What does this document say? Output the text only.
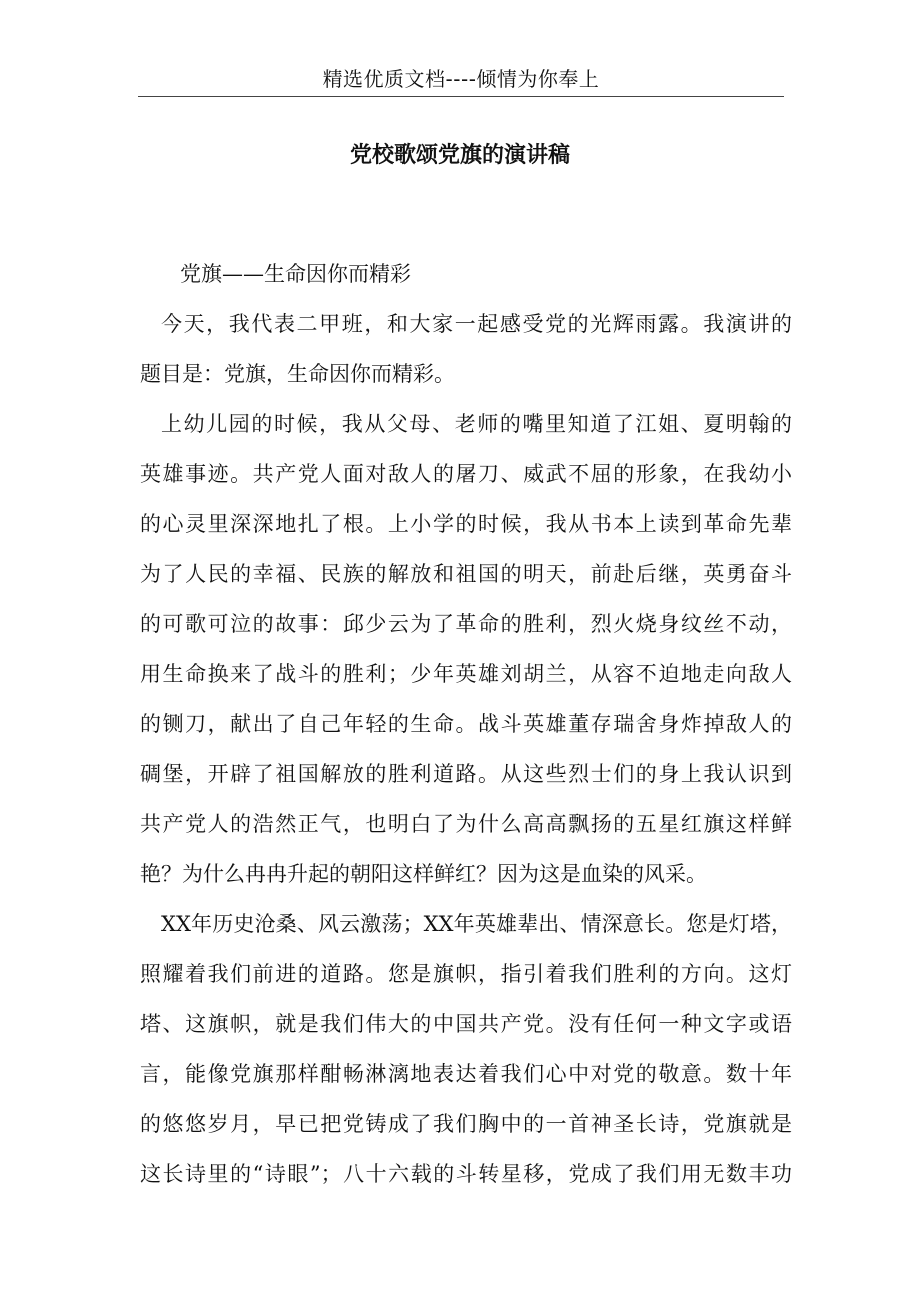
精选优质文档----倾情为你奉上
党校歌颂党旗的演讲稿
党旗——生命因你而精彩
今天，我代表二甲班，和大家一起感受党的光辉雨露。我演讲的
题目是：党旗，生命因你而精彩。
上幼儿园的时候，我从父母、老师的嘴里知道了江姐、夏明翰的
英雄事迹。共产党人面对敌人的屠刀、威武不屈的形象，在我幼小
的心灵里深深地扎了根。上小学的时候，我从书本上读到革命先辈
为了人民的幸福、民族的解放和祖国的明天，前赴后继，英勇奋斗
的可歌可泣的故事：邱少云为了革命的胜利，烈火烧身纹丝不动，
用生命换来了战斗的胜利；少年英雄刘胡兰，从容不迫地走向敌人
的铡刀，献出了自己年轻的生命。战斗英雄董存瑞舍身炸掉敌人的
碉堡，开辟了祖国解放的胜利道路。从这些烈士们的身上我认识到
共产党人的浩然正气，也明白了为什么高高飘扬的五星红旗这样鲜
艳？为什么冉冉升起的朝阳这样鲜红？因为这是血染的风采。
XX年历史沧桑、风云激荡；XX年英雄辈出、情深意长。您是灯塔，
照耀着我们前进的道路。您是旗帜，指引着我们胜利的方向。这灯
塔、这旗帜，就是我们伟大的中国共产党。没有任何一种文字或语
言，能像党旗那样酣畅淋漓地表达着我们心中对党的敬意。数十年
的悠悠岁月，早已把党铸成了我们胸中的一首神圣长诗，党旗就是
这长诗里的“诗眼”；八十六载的斗转星移，党成了我们用无数丰功
